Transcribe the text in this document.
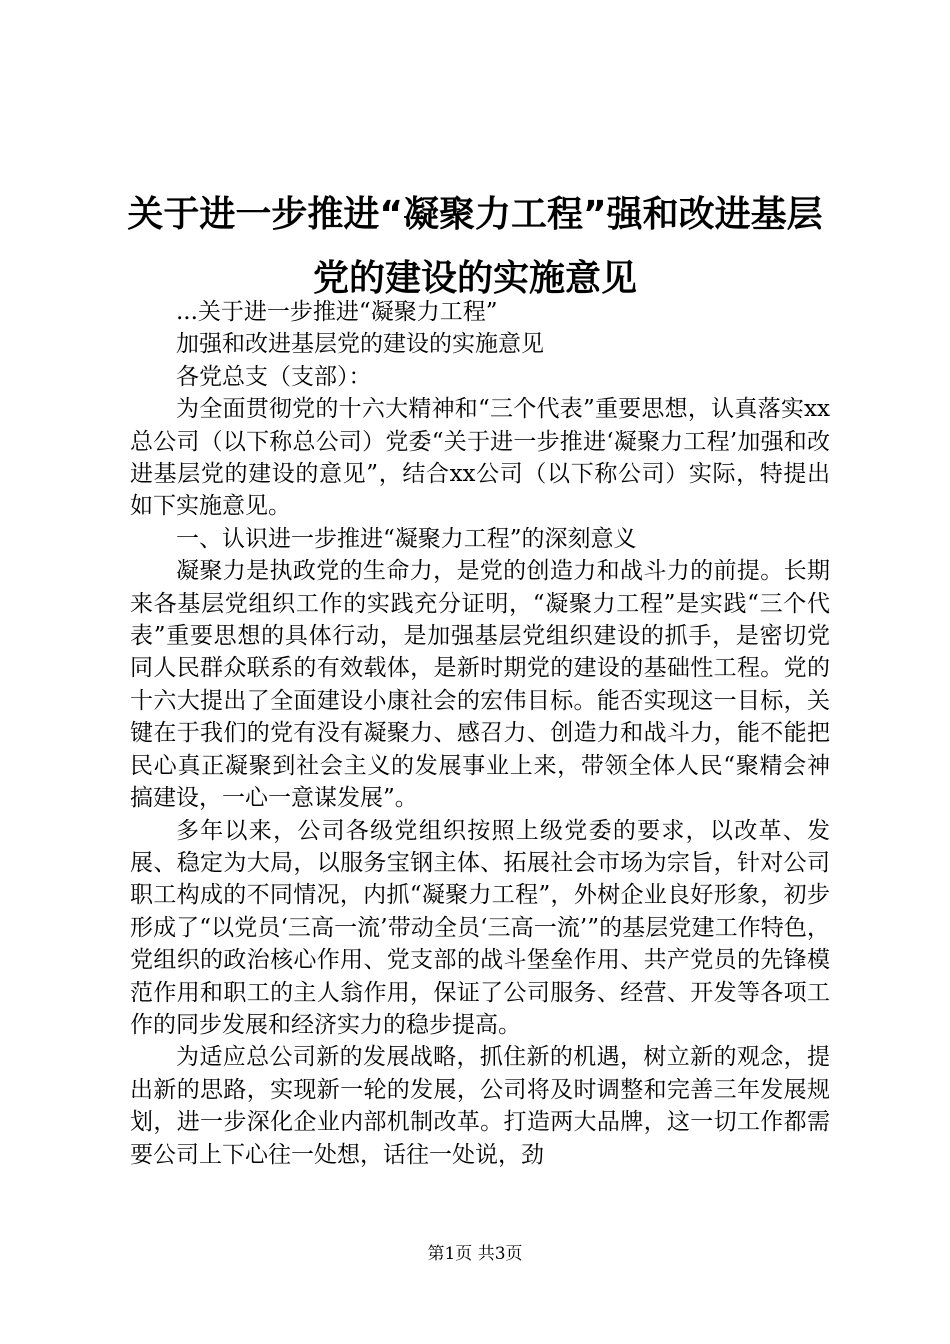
关于进一步推进“凝聚力工程”强和改进基层
党的建设的实施意见

...关于进一步推进“凝聚力工程”

加强和改进基层党的建设的实施意见

各党总支（支部）：

为全面贯彻党的十六大精神和“三个代表”重要思想，认真落实xx总公司（以下称总公司）党委“关于进一步推进‘凝聚力工程’加强和改进基层党的建设的意见”，结合xx公司（以下称公司）实际，特提出如下实施意见。

一、认识进一步推进“凝聚力工程”的深刻意义

凝聚力是执政党的生命力，是党的创造力和战斗力的前提。长期来各基层党组织工作的实践充分证明，“凝聚力工程”是实践“三个代表”重要思想的具体行动，是加强基层党组织建设的抓手，是密切党同人民群众联系的有效载体，是新时期党的建设的基础性工程。党的十六大提出了全面建设小康社会的宏伟目标。能否实现这一目标，关键在于我们的党有没有凝聚力、感召力、创造力和战斗力，能不能把民心真正凝聚到社会主义的发展事业上来，带领全体人民“聚精会神搞建设，一心一意谋发展”。

多年以来，公司各级党组织按照上级党委的要求，以改革、发展、稳定为大局，以服务宝钢主体、拓展社会市场为宗旨，针对公司职工构成的不同情况，内抓“凝聚力工程”，外树企业良好形象，初步形成了“以党员‘三高一流’带动全员‘三高一流’”的基层党建工作特色，党组织的政治核心作用、党支部的战斗堡垒作用、共产党员的先锋模范作用和职工的主人翁作用，保证了公司服务、经营、开发等各项工作的同步发展和经济实力的稳步提高。

为适应总公司新的发展战略，抓住新的机遇，树立新的观念，提出新的思路，实现新一轮的发展，公司将及时调整和完善三年发展规划，进一步深化企业内部机制改革。打造两大品牌，这一切工作都需要公司上下心往一处想，话往一处说，劲

第1页 共3页
